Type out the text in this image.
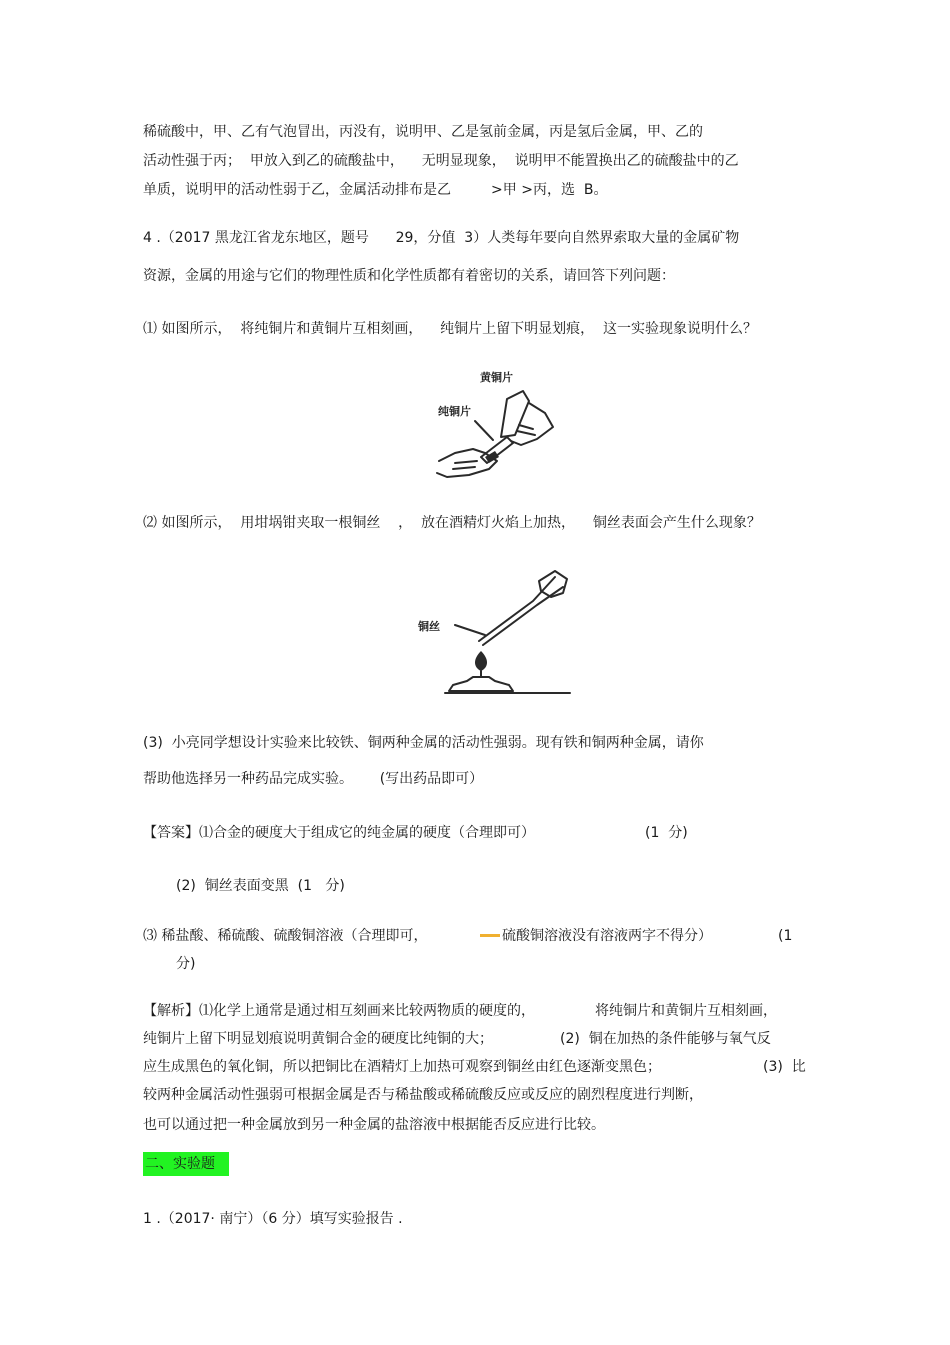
稀硫酸中，甲、乙有气泡冒出，丙没有，说明甲、乙是氢前金属，丙是氢后金属，甲、乙的
活动性强于丙；  甲放入到乙的硫酸盐中，    无明显现象，  说明甲不能置换出乙的硫酸盐中的乙
单质，说明甲的活动性弱于乙，金属活动排布是乙         >甲 >丙，选  B。
4 .（2017 黑龙江省龙东地区，题号      29，分值  3）人类每年要向自然界索取大量的金属矿物
资源，金属的用途与它们的物理性质和化学性质都有着密切的关系，请回答下列问题：
⑴ 如图所示，  将纯铜片和黄铜片互相刻画，    纯铜片上留下明显划痕，  这一实验现象说明什么？
黄铜片
纯铜片
⑵ 如图所示，  用坩埚钳夹取一根铜丝    ，  放在酒精灯火焰上加热，    铜丝表面会产生什么现象？
铜丝
(3)  小亮同学想设计实验来比较铁、铜两种金属的活动性强弱。现有铁和铜两种金属，请你
帮助他选择另一种药品完成实验。      (写出药品即可）
【答案】⑴合金的硬度大于组成它的纯金属的硬度（合理即可）	(1  分)
(2)  铜丝表面变黑  (1   分)
⑶ 稀盐酸、稀硫酸、硫酸铜溶液（合理即可，	硫酸铜溶液没有溶液两字不得分）	(1
分)
【解析】⑴化学上通常是通过相互刻画来比较两物质的硬度的，	将纯铜片和黄铜片互相刻画，
纯铜片上留下明显划痕说明黄铜合金的硬度比纯铜的大；	(2)  铜在加热的条件能够与氧气反
应生成黑色的氧化铜，所以把铜比在酒精灯上加热可观察到铜丝由红色逐渐变黑色；	(3)  比
较两种金属活动性强弱可根据金属是否与稀盐酸或稀硫酸反应或反应的剧烈程度进行判断，
也可以通过把一种金属放到另一种金属的盐溶液中根据能否反应进行比较。
二、实验题
1 .（2017· 南宁）（6 分）填写实验报告 .
